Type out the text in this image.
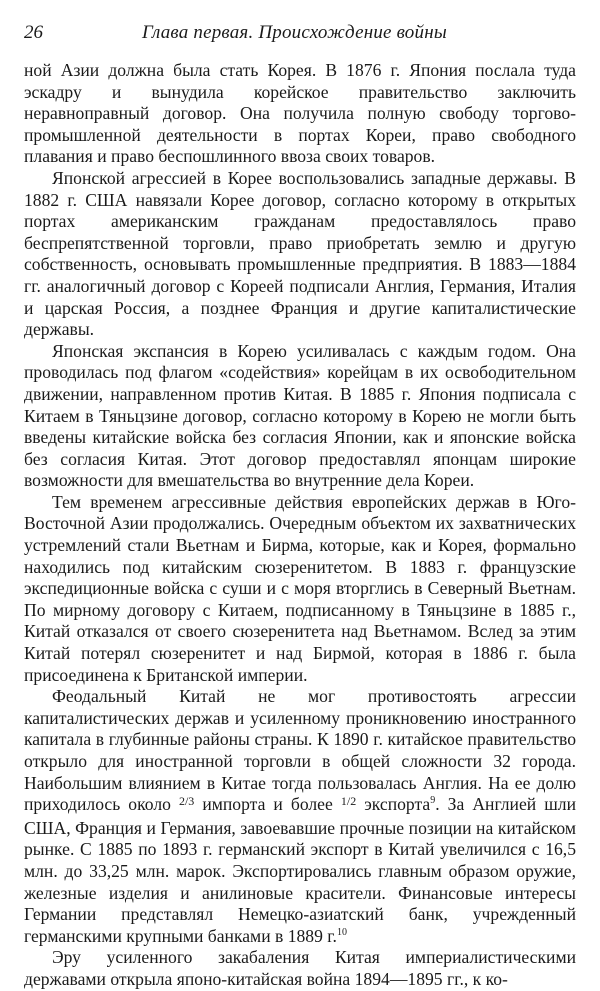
26	Глава первая. Происхождение войны

ной Азии должна была стать Корея. В 1876 г. Япония послала туда эскадру и вынудила корейское правительство заключить неравноправный договор. Она получила полную свободу торгово-промышленной деятельности в портах Кореи, право свободного плавания и право беспошлинного ввоза своих товаров.

Японской агрессией в Корее воспользовались западные державы. В 1882 г. США навязали Корее договор, согласно которому в открытых портах американским гражданам предоставлялось право беспрепятственной торговли, право приобретать землю и другую собственность, основывать промышленные предприятия. В 1883—1884 гг. аналогичный договор с Кореей подписали Англия, Германия, Италия и царская Россия, а позднее Франция и другие капиталистические державы.

Японская экспансия в Корею усиливалась с каждым годом. Она проводилась под флагом «содействия» корейцам в их освободительном движении, направленном против Китая. В 1885 г. Япония подписала с Китаем в Тяньцзине договор, согласно которому в Корею не могли быть введены китайские войска без согласия Японии, как и японские войска без согласия Китая. Этот договор предоставлял японцам широкие возможности для вмешательства во внутренние дела Кореи.

Тем временем агрессивные действия европейских держав в Юго-Восточной Азии продолжались. Очередным объектом их захватнических устремлений стали Вьетнам и Бирма, которые, как и Корея, формально находились под китайским сюзеренитетом. В 1883 г. французские экспедиционные войска с суши и с моря вторглись в Северный Вьетнам. По мирному договору с Китаем, подписанному в Тяньцзине в 1885 г., Китай отказался от своего сюзеренитета над Вьетнамом. Вслед за этим Китай потерял сюзеренитет и над Бирмой, которая в 1886 г. была присоединена к Британской империи.

Феодальный Китай не мог противостоять агрессии капиталистических держав и усиленному проникновению иностранного капитала в глубинные районы страны. К 1890 г. китайское правительство открыло для иностранной торговли в общей сложности 32 города. Наибольшим влиянием в Китае тогда пользовалась Англия. На ее долю приходилось около $^{2/3}$ импорта и более $^{1/2}$ экспорта$^9$. За Англией шли США, Франция и Германия, завоевавшие прочные позиции на китайском рынке. С 1885 по 1893 г. германский экспорт в Китай увеличился с 16,5 млн. до 33,25 млн. марок. Экспортировались главным образом оружие, железные изделия и анилиновые красители. Финансовые интересы Германии представлял Немецко-азиатский банк, учрежденный германскими крупными банками в 1889 г.$^{10}$

Эру усиленного закабаления Китая империалистическими державами открыла японо-китайская война 1894—1895 гг., к ко-
